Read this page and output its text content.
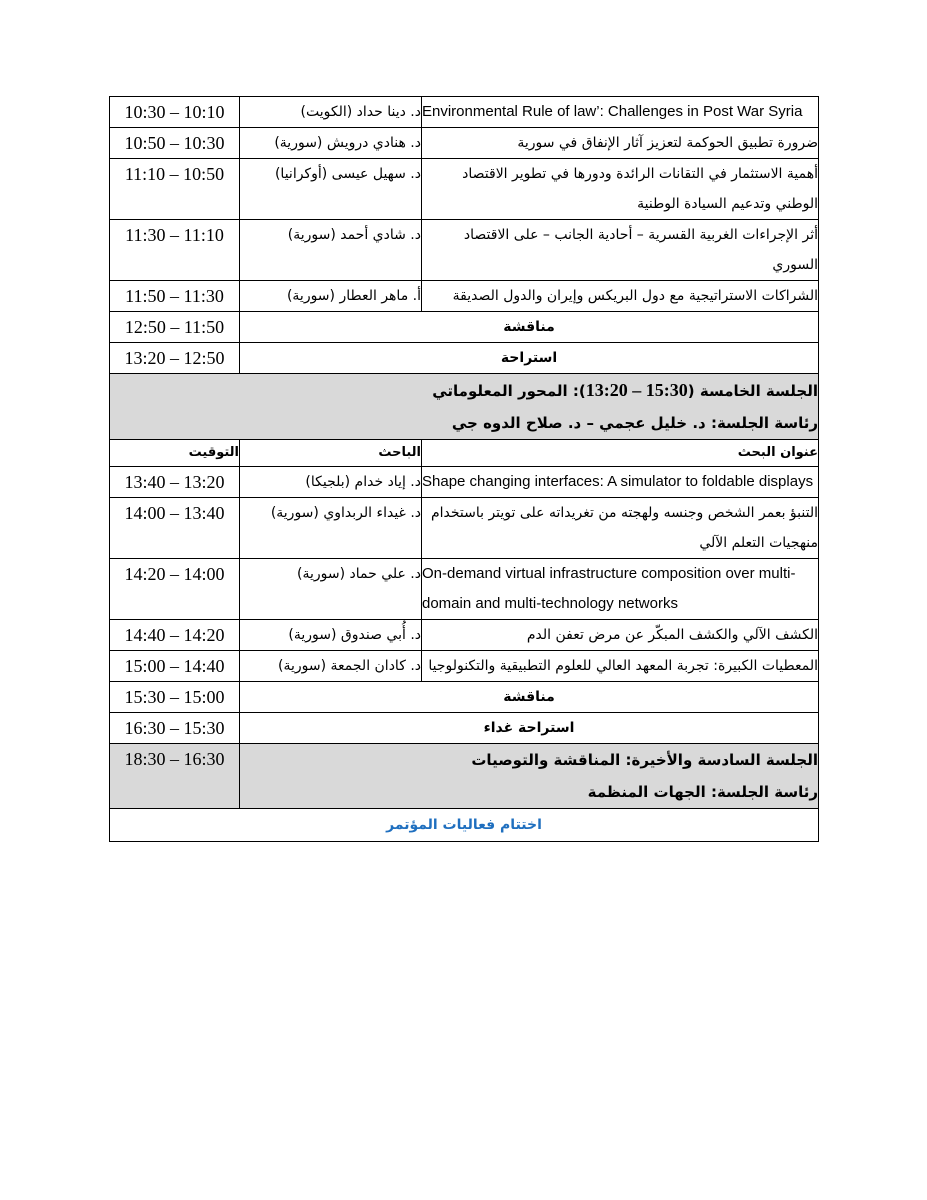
Environmental Rule of law’: Challenges in Post War Syria	د. دينا حداد (الكويت)	10:30 – 10:10
ضرورة تطبيق الحوكمة لتعزيز آثار الإنفاق في سورية	د. هنادي درويش (سورية)	10:50 – 10:30
أهمية الاستثمار في التقانات الرائدة ودورها في تطوير الاقتصاد الوطني وتدعيم السيادة الوطنية	د. سهيل عيسى (أوكرانيا)	11:10 – 10:50
أثر الإجراءات الغربية القسرية – أحادية الجانب – على الاقتصاد السوري	د. شادي أحمد (سورية)	11:30 – 11:10
الشراكات الاستراتيجية مع دول البريكس وإيران والدول الصديقة	أ. ماهر العطار (سورية)	11:50 – 11:30
مناقشة		12:50 – 11:50
استراحة		13:20 – 12:50

الجلسة الخامسة (13:20 – 15:30): المحور المعلوماتي
رئاسة الجلسة: د. خليل عجمي – د. صلاح الدوه جي		

عنوان البحث	الباحث	التوقيت
Shape changing interfaces: A simulator to foldable displays	د. إياد خدام (بلجيكا)	13:40 – 13:20
التنبؤ بعمر الشخص وجنسه ولهجته من تغريداته على تويتر باستخدام منهجيات التعلم الآلي	د. غيداء الربداوي (سورية)	14:00 – 13:40
On-demand virtual infrastructure composition over multi-domain and multi-technology networks	د. علي حماد (سورية)	14:20 – 14:00
الكشف الآلي والكشف المبكّر عن مرض تعفن الدم	د. أُبي صندوق (سورية)	14:40 – 14:20
المعطيات الكبيرة: تجربة المعهد العالي للعلوم التطبيقية والتكنولوجيا	د. كادان الجمعة (سورية)	15:00 – 14:40
مناقشة		15:30 – 15:00
استراحة غداء		16:30 – 15:30

الجلسة السادسة والأخيرة: المناقشة والتوصيات
رئاسة الجلسة: الجهات المنظمة		18:30 – 16:30
اختتام فعاليات المؤتمر		
